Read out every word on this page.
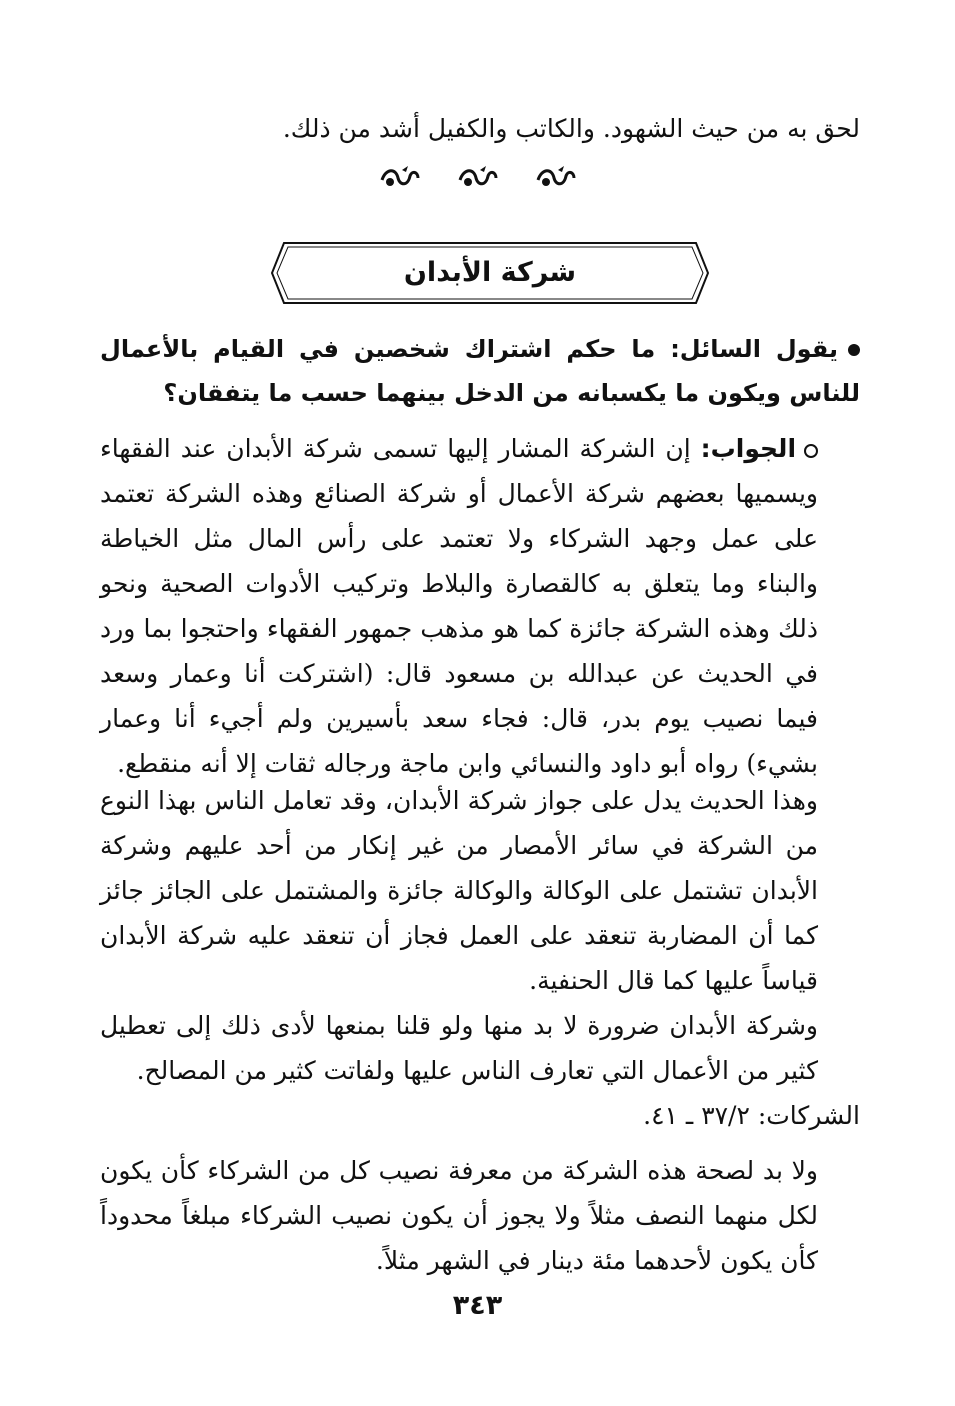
لحق به من حيث الشهود. والكاتب والكفيل أشد من ذلك.

شركة الأبدان

يقول السائل: ما حكم اشتراك شخصين في القيام بالأعمال للناس ويكون ما يكسبانه من الدخل بينهما حسب ما يتفقان؟

الجواب: إن الشركة المشار إليها تسمى شركة الأبدان عند الفقهاء ويسميها بعضهم شركة الأعمال أو شركة الصنائع وهذه الشركة تعتمد على عمل وجهد الشركاء ولا تعتمد على رأس المال مثل الخياطة والبناء وما يتعلق به كالقصارة والبلاط وتركيب الأدوات الصحية ونحو ذلك وهذه الشركة جائزة كما هو مذهب جمهور الفقهاء واحتجوا بما ورد في الحديث عن عبدالله بن مسعود قال: (اشتركت أنا وعمار وسعد فيما نصيب يوم بدر، قال: فجاء سعد بأسيرين ولم أجيء أنا وعمار بشيء) رواه أبو داود والنسائي وابن ماجة ورجاله ثقات إلا أنه منقطع.

وهذا الحديث يدل على جواز شركة الأبدان، وقد تعامل الناس بهذا النوع من الشركة في سائر الأمصار من غير إنكار من أحد عليهم وشركة الأبدان تشتمل على الوكالة والوكالة جائزة والمشتمل على الجائز جائز كما أن المضاربة تنعقد على العمل فجاز أن تنعقد عليه شركة الأبدان قياساً عليها كما قال الحنفية.

وشركة الأبدان ضرورة لا بد منها ولو قلنا بمنعها لأدى ذلك إلى تعطيل كثير من الأعمال التي تعارف الناس عليها ولفاتت كثير من المصالح.

الشركات: ٣٧/٢ ـ ٤١.

ولا بد لصحة هذه الشركة من معرفة نصيب كل من الشركاء كأن يكون لكل منهما النصف مثلاً ولا يجوز أن يكون نصيب الشركاء مبلغاً محدوداً كأن يكون لأحدهما مئة دينار في الشهر مثلاً.

٣٤٣
